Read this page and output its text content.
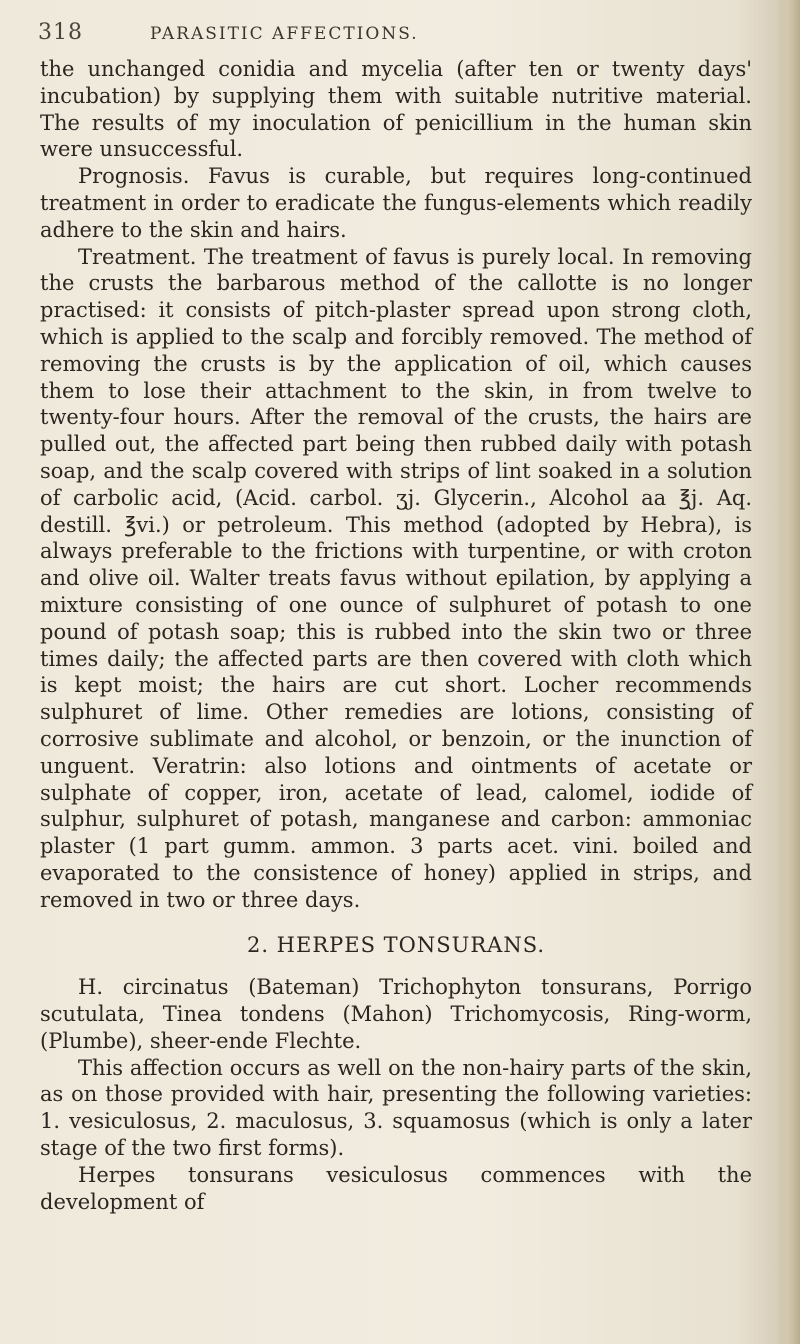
318	PARASITIC AFFECTIONS.

the unchanged conidia and mycelia (after ten or twenty days' incubation) by supplying them with suitable nutritive material. The results of my inoculation of penicillium in the human skin were unsuccessful.

Prognosis. Favus is curable, but requires long-continued treatment in order to eradicate the fungus-elements which readily adhere to the skin and hairs.

Treatment. The treatment of favus is purely local. In removing the crusts the barbarous method of the callotte is no longer practised: it consists of pitch-plaster spread upon strong cloth, which is applied to the scalp and forcibly removed. The method of removing the crusts is by the application of oil, which causes them to lose their attachment to the skin, in from twelve to twenty-four hours. After the removal of the crusts, the hairs are pulled out, the affected part being then rubbed daily with potash soap, and the scalp covered with strips of lint soaked in a solution of carbolic acid, (Acid. carbol. ʒj. Glycerin., Alcohol aa ℥j. Aq. destill. ℥vi.) or petroleum. This method (adopted by Hebra), is always preferable to the frictions with turpentine, or with croton and olive oil. Walter treats favus without epilation, by applying a mixture consisting of one ounce of sulphuret of potash to one pound of potash soap; this is rubbed into the skin two or three times daily; the affected parts are then covered with cloth which is kept moist; the hairs are cut short. Locher recommends sulphuret of lime. Other remedies are lotions, consisting of corrosive sublimate and alcohol, or benzoin, or the inunction of unguent. Veratrin: also lotions and ointments of acetate or sulphate of copper, iron, acetate of lead, calomel, iodide of sulphur, sulphuret of potash, manganese and carbon: ammoniac plaster (1 part gumm. ammon. 3 parts acet. vini. boiled and evaporated to the consistence of honey) applied in strips, and removed in two or three days.

2. HERPES TONSURANS.

H. circinatus (Bateman) Trichophyton tonsurans, Porrigo scutulata, Tinea tondens (Mahon) Trichomycosis, Ring-worm, (Plumbe), sheer-ende Flechte.

This affection occurs as well on the non-hairy parts of the skin, as on those provided with hair, presenting the following varieties: 1. vesiculosus, 2. maculosus, 3. squamosus (which is only a later stage of the two first forms).

Herpes tonsurans vesiculosus commences with the development of
